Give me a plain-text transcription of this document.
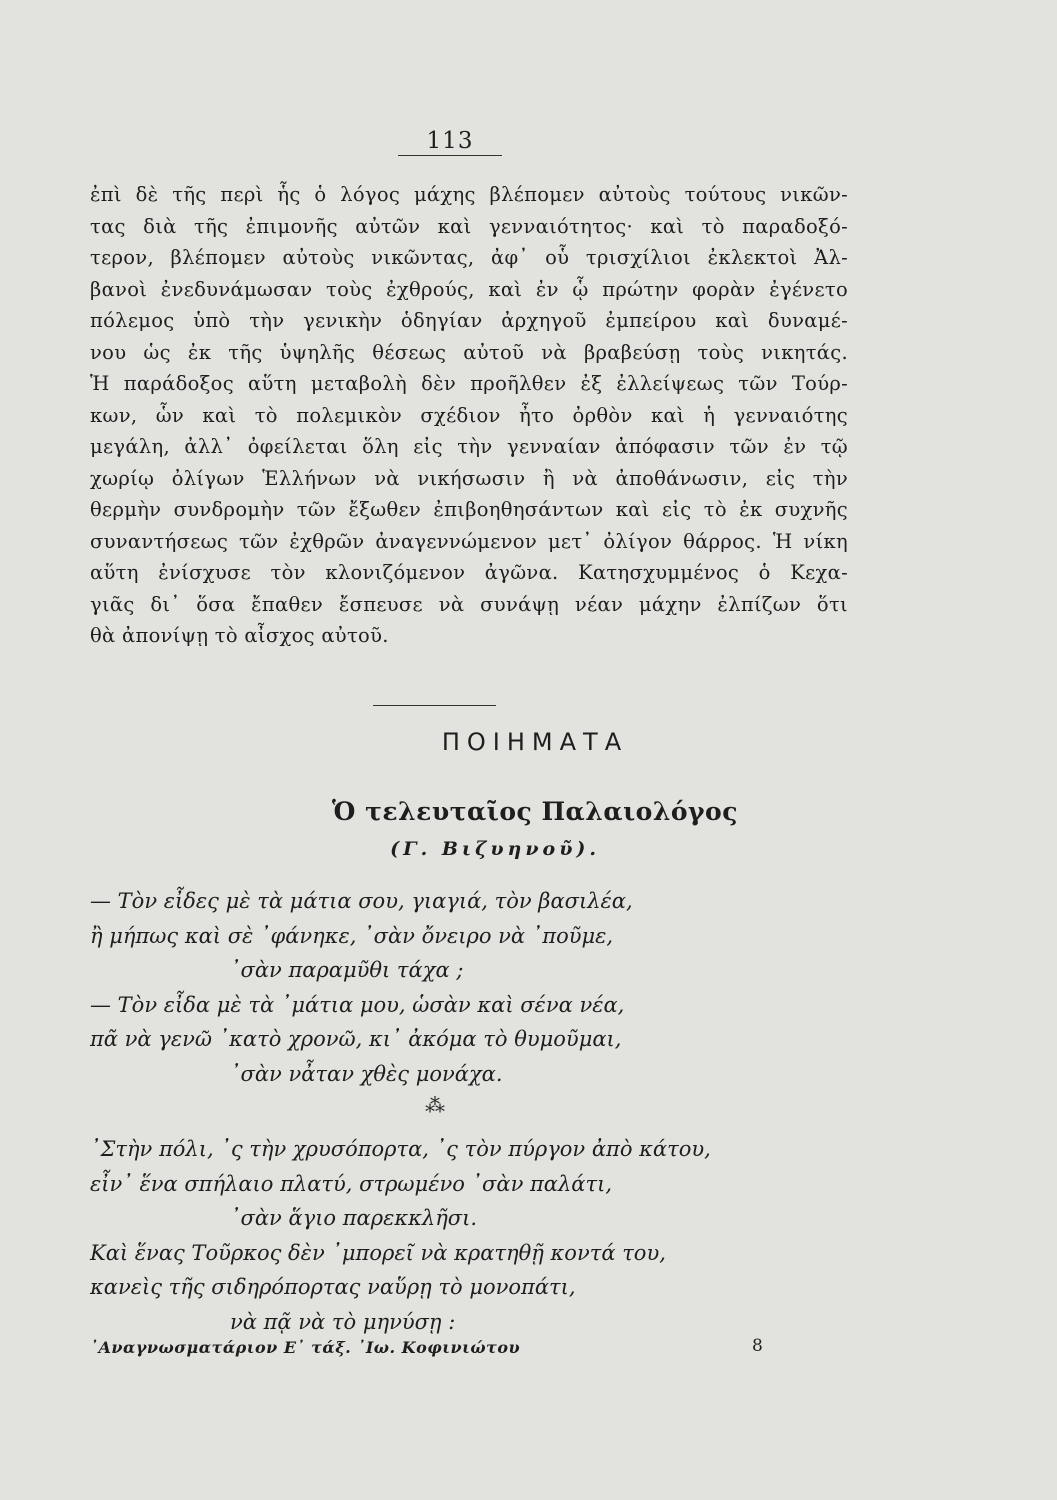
113
ἐπὶ δὲ τῆς περὶ ἧς ὁ λόγος μάχης βλέπομεν αὐτοὺς τούτους νικῶν-
τας διὰ τῆς ἐπιμονῆς αὐτῶν καὶ γενναιότητος· καὶ τὸ παραδοξό-
τερον, βλέπομεν αὐτοὺς νικῶντας, ἀφ᾽ οὗ τρισχίλιοι ἐκλεκτοὶ Ἀλ-
βανοὶ ἐνεδυνάμωσαν τοὺς ἐχθρούς, καὶ ἐν ᾧ πρώτην φορὰν ἐγένετο
πόλεμος ὑπὸ τὴν γενικὴν ὁδηγίαν ἀρχηγοῦ ἐμπείρου καὶ δυναμέ-
νου ὡς ἐκ τῆς ὑψηλῆς θέσεως αὐτοῦ νὰ βραβεύσῃ τοὺς νικητάς.
Ἡ παράδοξος αὕτη μεταβολὴ δὲν προῆλθεν ἐξ ἐλλείψεως τῶν Τούρ-
κων, ὧν καὶ τὸ πολεμικὸν σχέδιον ἦτο ὀρθὸν καὶ ἡ γενναιότης
μεγάλη, ἀλλ᾽ ὀφείλεται ὅλη εἰς τὴν γενναίαν ἀπόφασιν τῶν ἐν τῷ
χωρίῳ ὀλίγων Ἑλλήνων νὰ νικήσωσιν ἢ νὰ ἀποθάνωσιν, εἰς τὴν
θερμὴν συνδρομὴν τῶν ἔξωθεν ἐπιβοηθησάντων καὶ εἰς τὸ ἐκ συχνῆς
συναντήσεως τῶν ἐχθρῶν ἀναγεννώμενον μετ᾽ ὀλίγον θάρρος. Ἡ νίκη
αὕτη ἐνίσχυσε τὸν κλονιζόμενον ἀγῶνα. Κατησχυμμένος ὁ Κεχα-
γιᾶς δι᾽ ὅσα ἔπαθεν ἔσπευσε νὰ συνάψῃ νέαν μάχην ἐλπίζων ὅτι
θὰ ἀπονίψῃ τὸ αἶσχος αὐτοῦ.
ΠΟΙΗΜΑΤΑ
Ὁ τελευταῖος Παλαιολόγος
(Γ. Βιζυηνοῦ).
— Τὸν εἶδες μὲ τὰ μάτια σου, γιαγιά, τὸν βασιλέα,
ἢ μήπως καὶ σὲ ᾽φάνηκε, ᾽σὰν ὄνειρο νὰ ᾽ποῦμε,
᾽σὰν παραμῦθι τάχα ;
— Τὸν εἶδα μὲ τὰ ᾽μάτια μου, ὡσὰν καὶ σένα νέα,
πᾶ νὰ γενῶ ᾽κατὸ χρονῶ, κι᾽ ἀκόμα τὸ θυμοῦμαι,
᾽σὰν νἆταν χθὲς μονάχα.
⁂
᾽Στὴν πόλι, ᾽ς τὴν χρυσόπορτα, ᾽ς τὸν πύργον ἀπὸ κάτου,
εἶν᾽ ἕνα σπήλαιο πλατύ, στρωμένο ᾽σὰν παλάτι,
᾽σὰν ἅγιο παρεκκλῆσι.
Καὶ ἕνας Τοῦρκος δὲν ᾽μπορεῖ νὰ κρατηθῇ κοντά του,
κανεὶς τῆς σιδηρόπορτας ναὕρῃ τὸ μονοπάτι,
νὰ πᾷ νὰ τὸ μηνύσῃ :
᾽Αναγνωσματάριον Ε᾽ τάξ. ᾽Ιω. Κοφινιώτου	8
